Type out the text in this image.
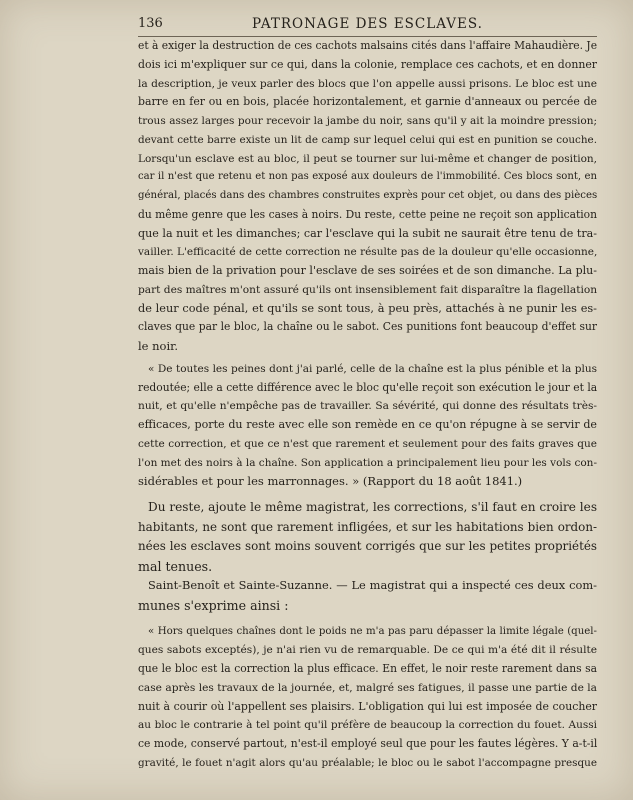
136	PATRONAGE DES ESCLAVES.
et à exiger la destruction de ces cachots malsains cités dans l'affaire Mahaudière. Je
dois ici m'expliquer sur ce qui, dans la colonie, remplace ces cachots, et en donner
la description, je veux parler des blocs que l'on appelle aussi prisons. Le bloc est une
barre en fer ou en bois, placée horizontalement, et garnie d'anneaux ou percée de
trous assez larges pour recevoir la jambe du noir, sans qu'il y ait la moindre pression;
devant cette barre existe un lit de camp sur lequel celui qui est en punition se couche.
Lorsqu'un esclave est au bloc, il peut se tourner sur lui-même et changer de position,
car il n'est que retenu et non pas exposé aux douleurs de l'immobilité. Ces blocs sont, en
général, placés dans des chambres construites exprès pour cet objet, ou dans des pièces
du même genre que les cases à noirs. Du reste, cette peine ne reçoit son application
que la nuit et les dimanches; car l'esclave qui la subit ne saurait être tenu de tra-
vailler. L'efficacité de cette correction ne résulte pas de la douleur qu'elle occasionne,
mais bien de la privation pour l'esclave de ses soirées et de son dimanche. La plu-
part des maîtres m'ont assuré qu'ils ont insensiblement fait disparaître la flagellation
de leur code pénal, et qu'ils se sont tous, à peu près, attachés à ne punir les es-
claves que par le bloc, la chaîne ou le sabot. Ces punitions font beaucoup d'effet sur
le noir.
« De toutes les peines dont j'ai parlé, celle de la chaîne est la plus pénible et la plus
redoutée; elle a cette différence avec le bloc qu'elle reçoit son exécution le jour et la
nuit, et qu'elle n'empêche pas de travailler. Sa sévérité, qui donne des résultats très-
efficaces, porte du reste avec elle son remède en ce qu'on répugne à se servir de
cette correction, et que ce n'est que rarement et seulement pour des faits graves que
l'on met des noirs à la chaîne. Son application a principalement lieu pour les vols con-
sidérables et pour les marronnages. » (Rapport du 18 août 1841.)
Du reste, ajoute le même magistrat, les corrections, s'il faut en croire les
habitants, ne sont que rarement infligées, et sur les habitations bien ordon-
nées les esclaves sont moins souvent corrigés que sur les petites propriétés
mal tenues.
Saint-Benoît et Sainte-Suzanne. — Le magistrat qui a inspecté ces deux com-
munes s'exprime ainsi :
« Hors quelques chaînes dont le poids ne m'a pas paru dépasser la limite légale (quel-
ques sabots exceptés), je n'ai rien vu de remarquable. De ce qui m'a été dit il résulte
que le bloc est la correction la plus efficace. En effet, le noir reste rarement dans sa
case après les travaux de la journée, et, malgré ses fatigues, il passe une partie de la
nuit à courir où l'appellent ses plaisirs. L'obligation qui lui est imposée de coucher
au bloc le contrarie à tel point qu'il préfère de beaucoup la correction du fouet. Aussi
ce mode, conservé partout, n'est-il employé seul que pour les fautes légères. Y a-t-il
gravité, le fouet n'agit alors qu'au préalable; le bloc ou le sabot l'accompagne presque
